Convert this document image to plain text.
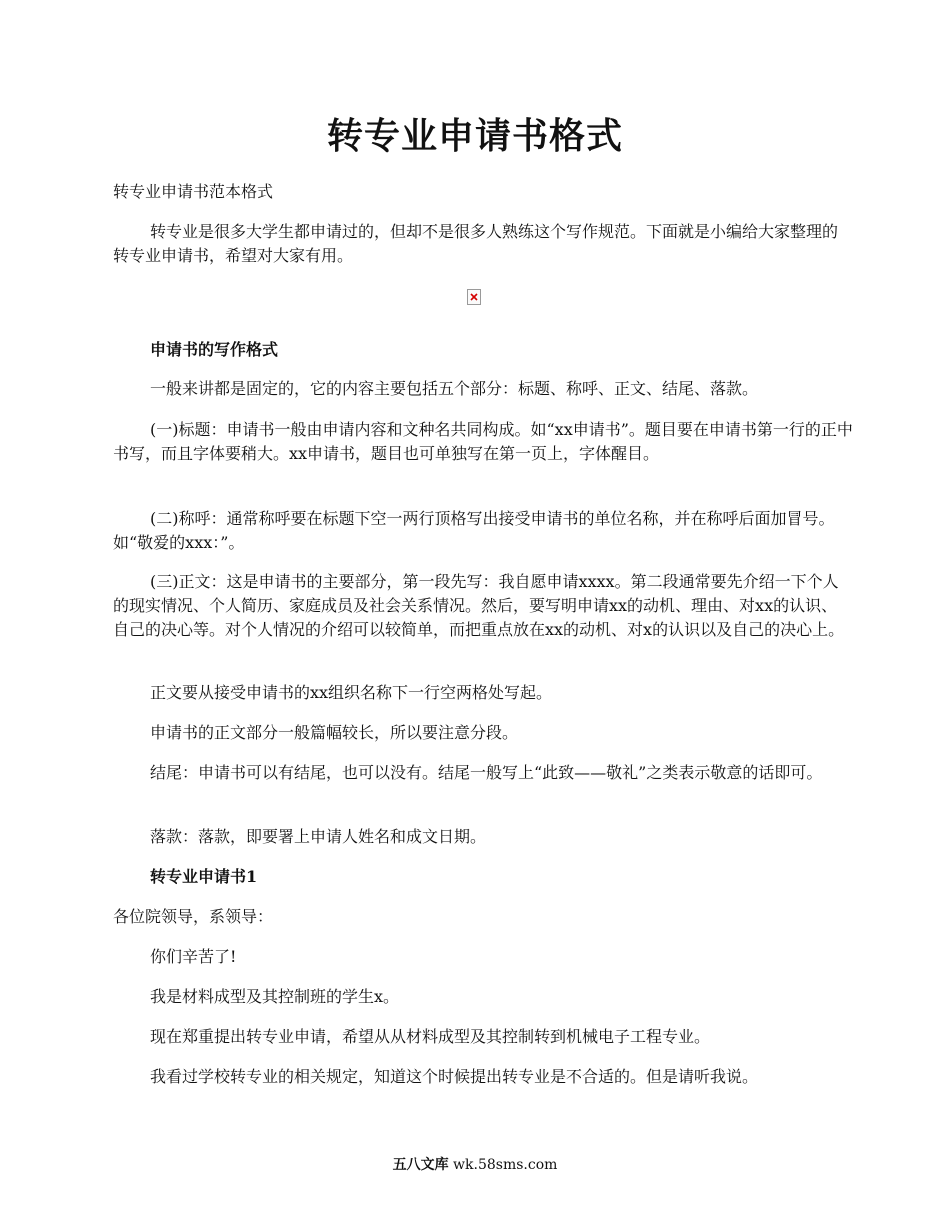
转专业申请书格式

转专业申请书范本格式

转专业是很多大学生都申请过的，但却不是很多人熟练这个写作规范。下面就是小编给大家整理的转专业申请书，希望对大家有用。

申请书的写作格式

一般来讲都是固定的，它的内容主要包括五个部分：标题、称呼、正文、结尾、落款。

(一)标题：申请书一般由申请内容和文种名共同构成。如“xx申请书”。题目要在申请书第一行的正中书写，而且字体要稍大。xx申请书，题目也可单独写在第一页上，字体醒目。

(二)称呼：通常称呼要在标题下空一两行顶格写出接受申请书的单位名称，并在称呼后面加冒号。如“敬爱的xxx：”。

(三)正文：这是申请书的主要部分，第一段先写：我自愿申请xxxx。第二段通常要先介绍一下个人的现实情况、个人简历、家庭成员及社会关系情况。然后，要写明申请xx的动机、理由、对xx的认识、自己的决心等。对个人情况的介绍可以较简单，而把重点放在xx的动机、对x的认识以及自己的决心上。

正文要从接受申请书的xx组织名称下一行空两格处写起。

申请书的正文部分一般篇幅较长，所以要注意分段。

结尾：申请书可以有结尾，也可以没有。结尾一般写上“此致——敬礼”之类表示敬意的话即可。

落款：落款，即要署上申请人姓名和成文日期。

转专业申请书1

各位院领导，系领导：

你们辛苦了!

我是材料成型及其控制班的学生x。

现在郑重提出转专业申请，希望从从材料成型及其控制转到机械电子工程专业。

我看过学校转专业的相关规定，知道这个时候提出转专业是不合适的。但是请听我说。

五八文库 wk.58sms.com
